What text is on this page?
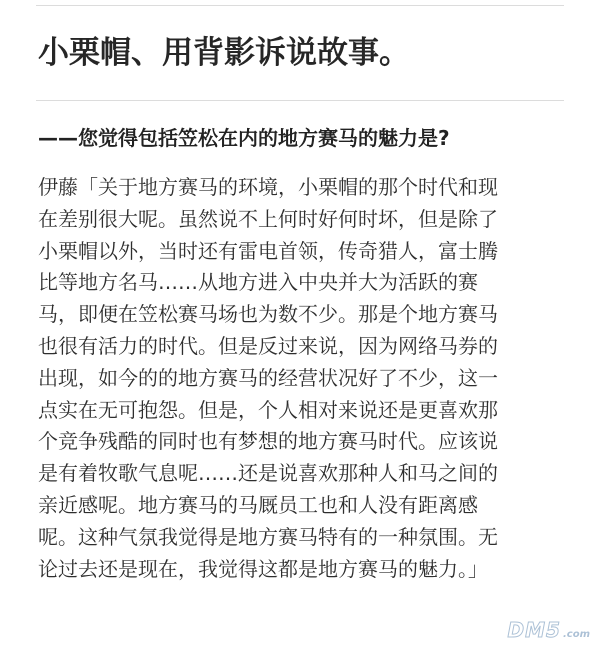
小栗帽、用背影诉说故事。
——您觉得包括笠松在内的地方赛马的魅力是?
伊藤「关于地方赛马的环境，小栗帽的那个时代和现
在差别很大呢。虽然说不上何时好何时坏，但是除了
小栗帽以外，当时还有雷电首领，传奇猎人，富士腾
比等地方名马……从地方进入中央并大为活跃的赛
马，即便在笠松赛马场也为数不少。那是个地方赛马
也很有活力的时代。但是反过来说，因为网络马券的
出现，如今的的地方赛马的经营状况好了不少，这一
点实在无可抱怨。但是，个人相对来说还是更喜欢那
个竞争残酷的同时也有梦想的地方赛马时代。应该说
是有着牧歌气息呢……还是说喜欢那种人和马之间的
亲近感呢。地方赛马的马厩员工也和人没有距离感
呢。这种气氛我觉得是地方赛马特有的一种氛围。无
论过去还是现在，我觉得这都是地方赛马的魅力。」
DM5 .com
